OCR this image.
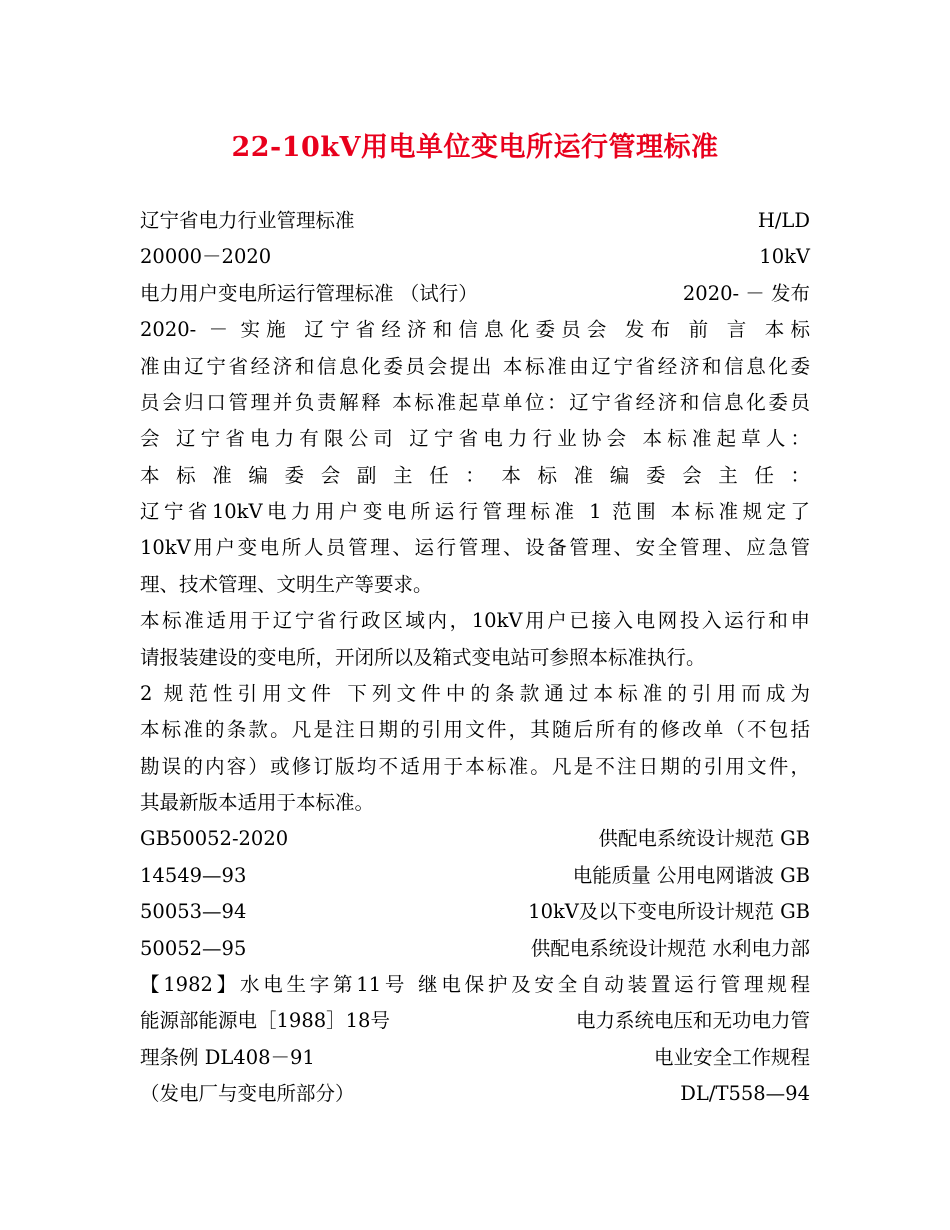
22-10kV用电单位变电所运行管理标准
辽宁省电力行业管理标准	H/LD
20000－2020	10kV
电力用户变电所运行管理标准 （试行）	2020- － 发布
2020- － 实施 辽宁省经济和信息化委员会 发布 前 言 本标
准由辽宁省经济和信息化委员会提出 本标准由辽宁省经济和信息化委
员会归口管理并负责解释 本标准起草单位：辽宁省经济和信息化委员
会 辽宁省电力有限公司 辽宁省电力行业协会 本标准起草人：
本 标 准 编 委 会 副 主 任 ： 本 标 准 编 委 会 主 任 ：
辽宁省10kV电力用户变电所运行管理标准 1 范围 本标准规定了
10kV用户变电所人员管理、运行管理、设备管理、安全管理、应急管
理、技术管理、文明生产等要求。
本标准适用于辽宁省行政区域内，10kV用户已接入电网投入运行和申
请报装建设的变电所，开闭所以及箱式变电站可参照本标准执行。
2 规范性引用文件 下列文件中的条款通过本标准的引用而成为
本标准的条款。凡是注日期的引用文件，其随后所有的修改单（不包括
勘误的内容）或修订版均不适用于本标准。凡是不注日期的引用文件，
其最新版本适用于本标准。
GB50052-2020	供配电系统设计规范 GB
14549—93	电能质量 公用电网谐波 GB
50053—94	10kV及以下变电所设计规范 GB
50052—95	供配电系统设计规范 水利电力部
【1982】水电生字第11号 继电保护及安全自动装置运行管理规程
能源部能源电［1988］18号	电力系统电压和无功电力管
理条例 DL408－91	电业安全工作规程
（发电厂与变电所部分）	DL/T558—94
